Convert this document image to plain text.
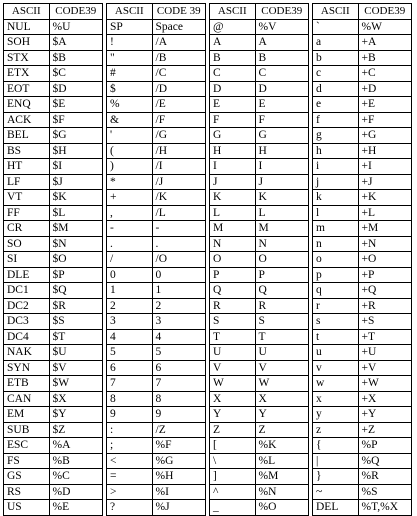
ASCII	CODE39
NUL	%U
SOH	$A
STX	$B
ETX	$C
EOT	$D
ENQ	$E
ACK	$F
BEL	$G
BS	$H
HT	$I
LF	$J
VT	$K
FF	$L
CR	$M
SO	$N
SI	$O
DLE	$P
DC1	$Q
DC2	$R
DC3	$S
DC4	$T
NAK	$U
SYN	$V
ETB	$W
CAN	$X
EM	$Y
SUB	$Z
ESC	%A
FS	%B
GS	%C
RS	%D
US	%E
ASCII	CODE 39
SP	Space
!	/A
"	/B
#	/C
$	/D
%	/E
&	/F
'	/G
(	/H
)	/I
*	/J
+	/K
,	/L
-	-
.	.
/	/O
0	0
1	1
2	2
3	3
4	4
5	5
6	6
7	7
8	8
9	9
:	/Z
;	%F
<	%G
=	%H
>	%I
?	%J
ASCII	CODE39
@	%V
A	A
B	B
C	C
D	D
E	E
F	F
G	G
H	H
I	I
J	J
K	K
L	L
M	M
N	N
O	O
P	P
Q	Q
R	R
S	S
T	T
U	U
V	V
W	W
X	X
Y	Y
Z	Z
[	%K
\	%L
]	%M
^	%N
_	%O
ASCII	CODE39
`	%W
a	+A
b	+B
c	+C
d	+D
e	+E
f	+F
g	+G
h	+H
i	+I
j	+J
k	+K
l	+L
m	+M
n	+N
o	+O
p	+P
q	+Q
r	+R
s	+S
t	+T
u	+U
v	+V
w	+W
x	+X
y	+Y
z	+Z
{	%P
|	%Q
}	%R
~	%S
DEL	%T,%X
